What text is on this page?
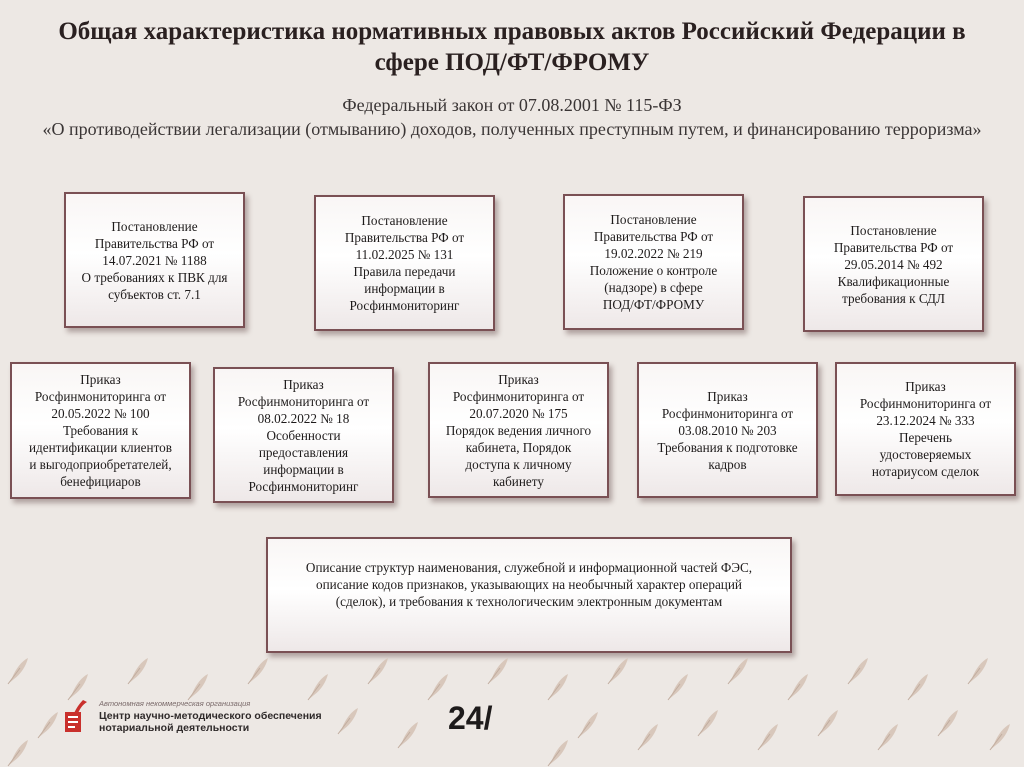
Общая характеристика нормативных правовых актов Российский Федерации в сфере ПОД/ФТ/ФРОМУ
Федеральный закон от 07.08.2001 № 115-ФЗ
«О противодействии легализации (отмыванию) доходов, полученных преступным путем, и финансированию терроризма»
Постановление
Правительства РФ от
14.07.2021 № 1188
О требованиях к ПВК для
субъектов ст. 7.1
Постановление
Правительства РФ от
11.02.2025 № 131
Правила передачи
информации в
Росфинмониторинг
Постановление
Правительства РФ от
19.02.2022 № 219
Положение о контроле
(надзоре) в сфере
ПОД/ФТ/ФРОМУ
Постановление
Правительства РФ от
29.05.2014 № 492
Квалификационные
требования к СДЛ
Приказ
Росфинмониторинга от
20.05.2022 № 100
Требования к
идентификации клиентов
и выгодоприобретателей,
бенефициаров
Приказ
Росфинмониторинга от
08.02.2022 № 18
Особенности
предоставления
информации в
Росфинмониторинг
Приказ
Росфинмониторинга от
20.07.2020 № 175
Порядок ведения личного
кабинета, Порядок
доступа к личному
кабинету
Приказ
Росфинмониторинга от
03.08.2010 № 203
Требования к подготовке
кадров
Приказ
Росфинмониторинга от
23.12.2024 № 333
Перечень
удостоверяемых
нотариусом сделок
Описание структур наименования, служебной и информационной частей ФЭС,
описание кодов признаков, указывающих на необычный характер операций
(сделок), и требования к технологическим электронным документам
Автономная некоммерческая организация
Центр научно-методического обеспечения
нотариальной деятельности	24/
